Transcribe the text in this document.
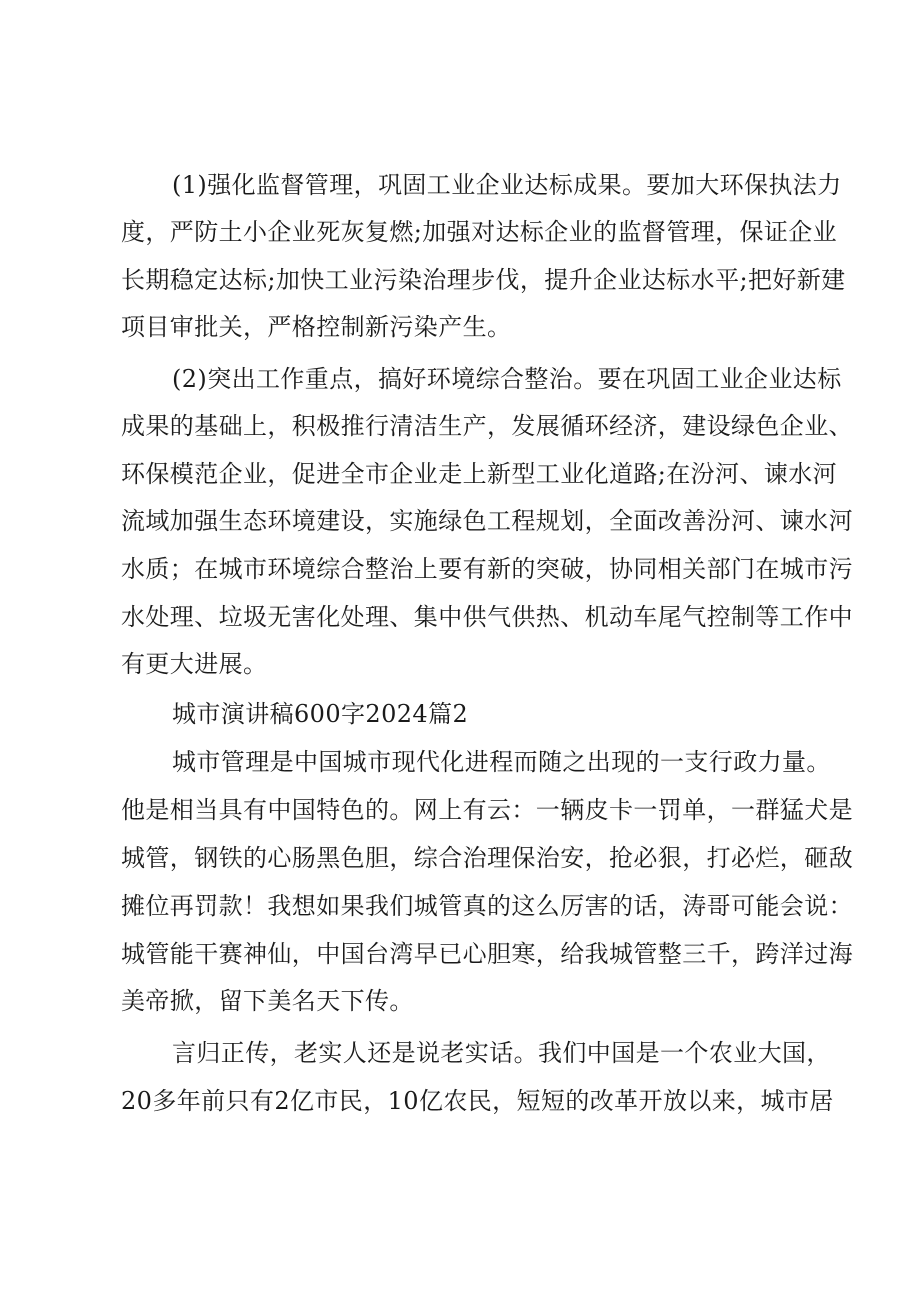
(1)强化监督管理，巩固工业企业达标成果。要加大环保执法力
度，严防土小企业死灰复燃;加强对达标企业的监督管理，保证企业
长期稳定达标;加快工业污染治理步伐，提升企业达标水平;把好新建
项目审批关，严格控制新污染产生。
(2)突出工作重点，搞好环境综合整治。要在巩固工业企业达标
成果的基础上，积极推行清洁生产，发展循环经济，建设绿色企业、
环保模范企业，促进全市企业走上新型工业化道路;在汾河、谏水河
流域加强生态环境建设，实施绿色工程规划，全面改善汾河、谏水河
水质；在城市环境综合整治上要有新的突破，协同相关部门在城市污
水处理、垃圾无害化处理、集中供气供热、机动车尾气控制等工作中
有更大进展。
城市演讲稿600字2024篇2
城市管理是中国城市现代化进程而随之出现的一支行政力量。
他是相当具有中国特色的。网上有云：一辆皮卡一罚单，一群猛犬是
城管，钢铁的心肠黑色胆，综合治理保治安，抢必狠，打必烂，砸敌
摊位再罚款！我想如果我们城管真的这么厉害的话，涛哥可能会说：
城管能干赛神仙，中国台湾早已心胆寒，给我城管整三千，跨洋过海
美帝掀，留下美名天下传。
言归正传，老实人还是说老实话。我们中国是一个农业大国，
20多年前只有2亿市民，10亿农民，短短的改革开放以来，城市居
